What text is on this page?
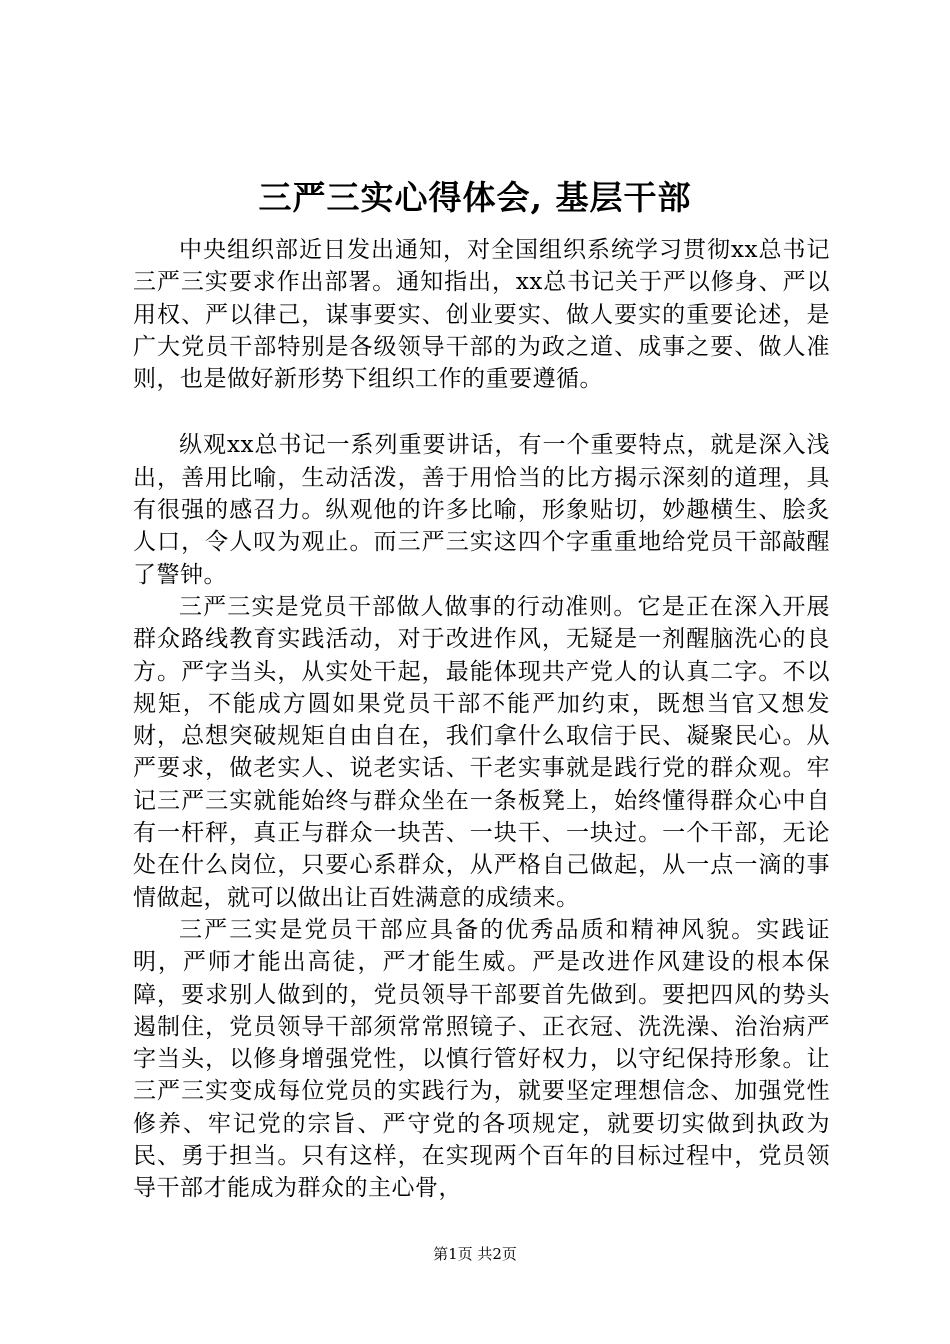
三严三实心得体会, 基层干部

中央组织部近日发出通知，对全国组织系统学习贯彻xx总书记三严三实要求作出部署。通知指出，xx总书记关于严以修身、严以用权、严以律己，谋事要实、创业要实、做人要实的重要论述，是广大党员干部特别是各级领导干部的为政之道、成事之要、做人准则，也是做好新形势下组织工作的重要遵循。

纵观xx总书记一系列重要讲话，有一个重要特点，就是深入浅出，善用比喻，生动活泼，善于用恰当的比方揭示深刻的道理，具有很强的感召力。纵观他的许多比喻，形象贴切，妙趣横生、脍炙人口，令人叹为观止。而三严三实这四个字重重地给党员干部敲醒了警钟。

三严三实是党员干部做人做事的行动准则。它是正在深入开展群众路线教育实践活动，对于改进作风，无疑是一剂醒脑洗心的良方。严字当头，从实处干起，最能体现共产党人的认真二字。不以规矩，不能成方圆如果党员干部不能严加约束，既想当官又想发财，总想突破规矩自由自在，我们拿什么取信于民、凝聚民心。从严要求，做老实人、说老实话、干老实事就是践行党的群众观。牢记三严三实就能始终与群众坐在一条板凳上，始终懂得群众心中自有一杆秤，真正与群众一块苦、一块干、一块过。一个干部，无论处在什么岗位，只要心系群众，从严格自己做起，从一点一滴的事情做起，就可以做出让百姓满意的成绩来。

三严三实是党员干部应具备的优秀品质和精神风貌。实践证明，严师才能出高徒，严才能生威。严是改进作风建设的根本保障，要求别人做到的，党员领导干部要首先做到。要把四风的势头遏制住，党员领导干部须常常照镜子、正衣冠、洗洗澡、治治病严字当头，以修身增强党性，以慎行管好权力，以守纪保持形象。让三严三实变成每位党员的实践行为，就要坚定理想信念、加强党性修养、牢记党的宗旨、严守党的各项规定，就要切实做到执政为民、勇于担当。只有这样，在实现两个百年的目标过程中，党员领导干部才能成为群众的主心骨，

第1页 共2页
